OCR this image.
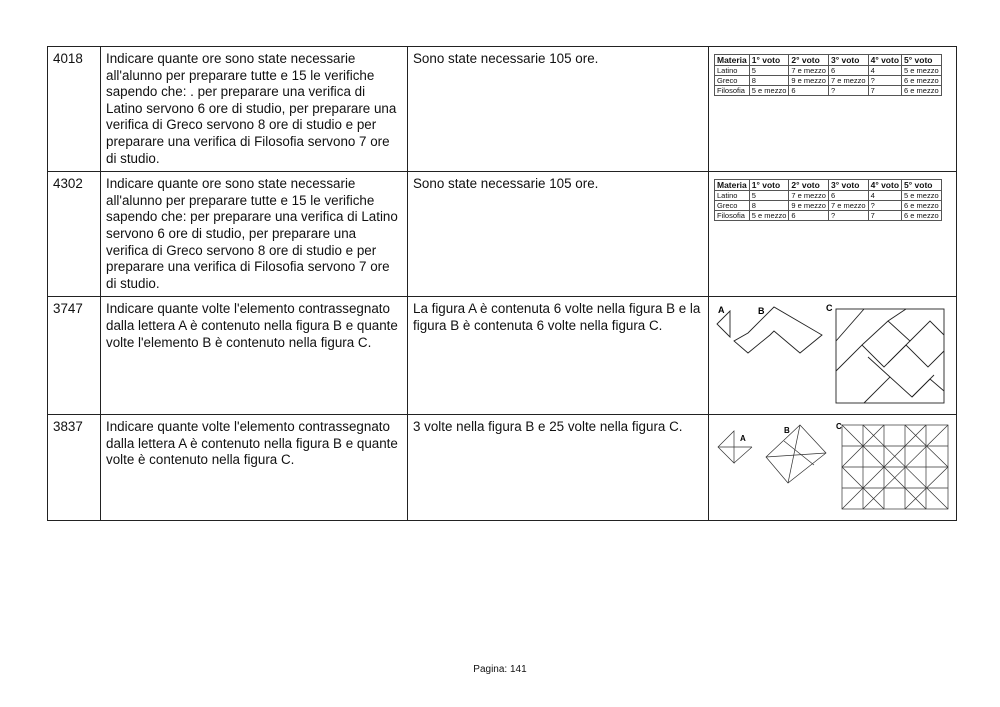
4018	Indicare quante ore sono state necessarie all'alunno per preparare tutte e 15 le verifiche sapendo che: . per preparare una verifica di Latino servono 6 ore di studio, per preparare una verifica di Greco servono 8 ore di studio e per preparare una verifica di Filosofia servono 7 ore di studio.	Sono state necessarie 105 ore.		Materia	1° voto	2° voto	3° voto	4° voto	5° voto
Latino	5	7 e mezzo	6	4	5 e mezzo
Greco	8	9 e mezzo	7 e mezzo	?	6 e mezzo
Filosofia	5 e mezzo	6	?	7	6 e mezzo

4302	Indicare quante ore sono state necessarie all'alunno per preparare tutte e 15 le verifiche sapendo che: per preparare una verifica di Latino servono 6 ore di studio, per preparare una verifica di Greco servono 8 ore di studio e per preparare una verifica di Filosofia servono 7 ore di studio.	Sono state necessarie 105 ore.		Materia	1° voto	2° voto	3° voto	4° voto	5° voto
Latino	5	7 e mezzo	6	4	5 e mezzo
Greco	8	9 e mezzo	7 e mezzo	?	6 e mezzo
Filosofia	5 e mezzo	6	?	7	6 e mezzo

3747	Indicare quante volte l'elemento contrassegnato dalla lettera A è contenuto nella figura B e quante volte l'elemento B è contenuto nella figura C.	La figura A è contenuta 6 volte nella figura B e la figura B è contenuta 6 volte nella figura C.	
A	B	C

3837	Indicare quante volte l'elemento contrassegnato dalla lettera A è contenuto nella figura B e quante volte è contenuto nella figura C.	3 volte nella figura B e 25 volte nella figura C.	
A
B	C
Pagina: 141
